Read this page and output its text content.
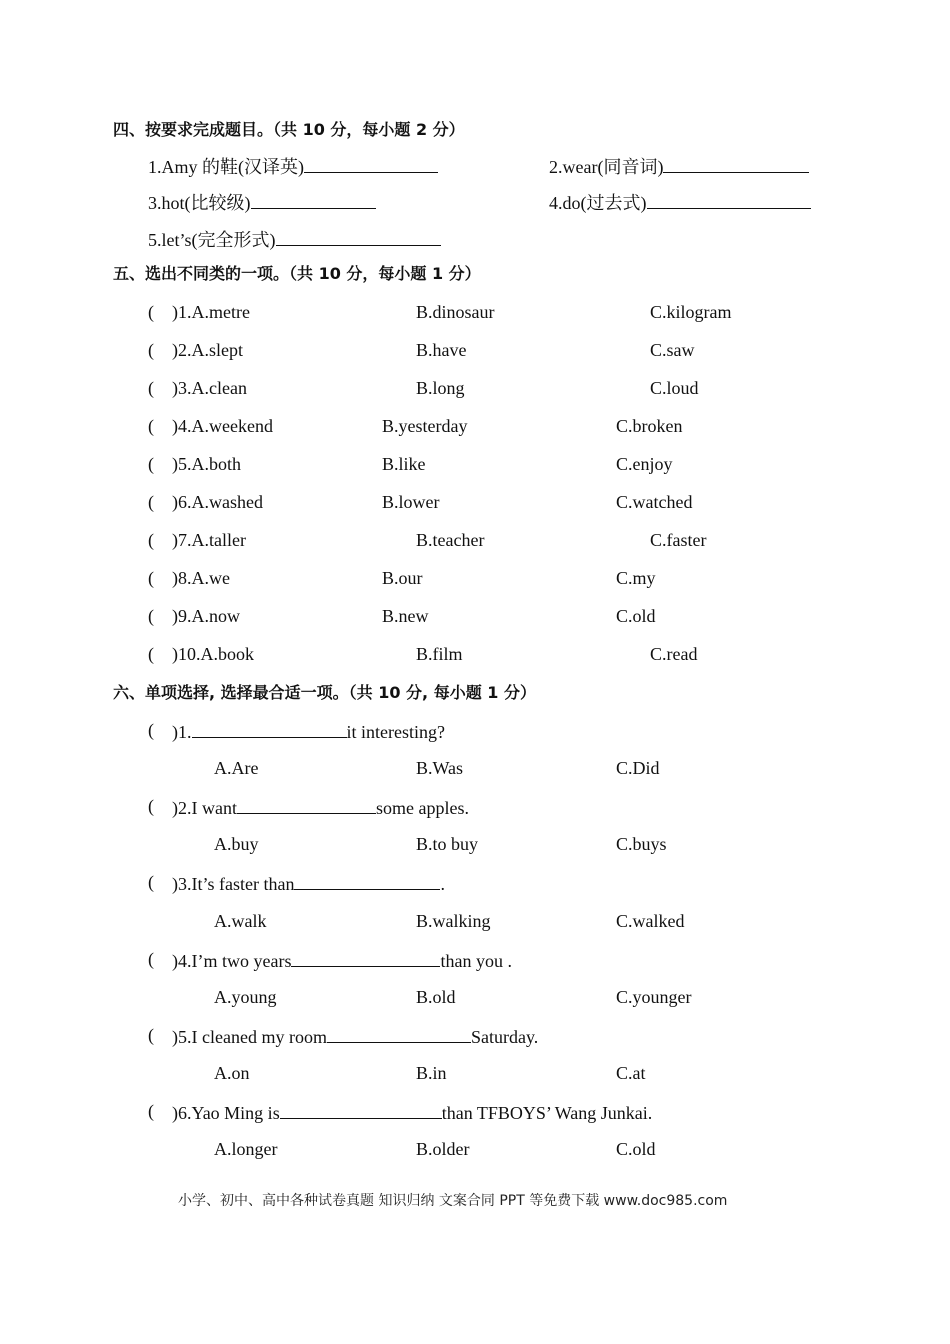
四、按要求完成题目。（共 10 分，每小题 2 分）
1.Amy 的鞋(汉译英)	2.wear(同音词)
3.hot(比较级)	4.do(过去式)
5.let’s(完全形式)
五、选出不同类的一项。（共 10 分，每小题 1 分）
( )1.A.metre	B.dinosaur	C.kilogram
( )2.A.slept	B.have	C.saw
( )3.A.clean	B.long	C.loud
( )4.A.weekend	B.yesterday	C.broken
( )5.A.both	B.like	C.enjoy
( )6.A.washed	B.lower	C.watched
( )7.A.taller	B.teacher	C.faster
( )8.A.we	B.our	C.my
( )9.A.now	B.new	C.old
( )10.A.book	B.film	C.read
六、单项选择, 选择最合适一项。（共 10 分, 每小题 1 分）
( )1.	it interesting?
A.Are	B.Was	C.Did
( )2.I want	some apples.
A.buy	B.to buy	C.buys
( )3.It’s faster than	.
A.walk	B.walking	C.walked
( )4.I’m two years	than you .
A.young	B.old	C.younger
( )5.I cleaned my room	Saturday.
A.on	B.in	C.at
( )6.Yao Ming is	than TFBOYS’ Wang Junkai.
A.longer	B.older	C.old
小学、初中、高中各种试卷真题 知识归纳 文案合同 PPT 等免费下载 www.doc985.com
